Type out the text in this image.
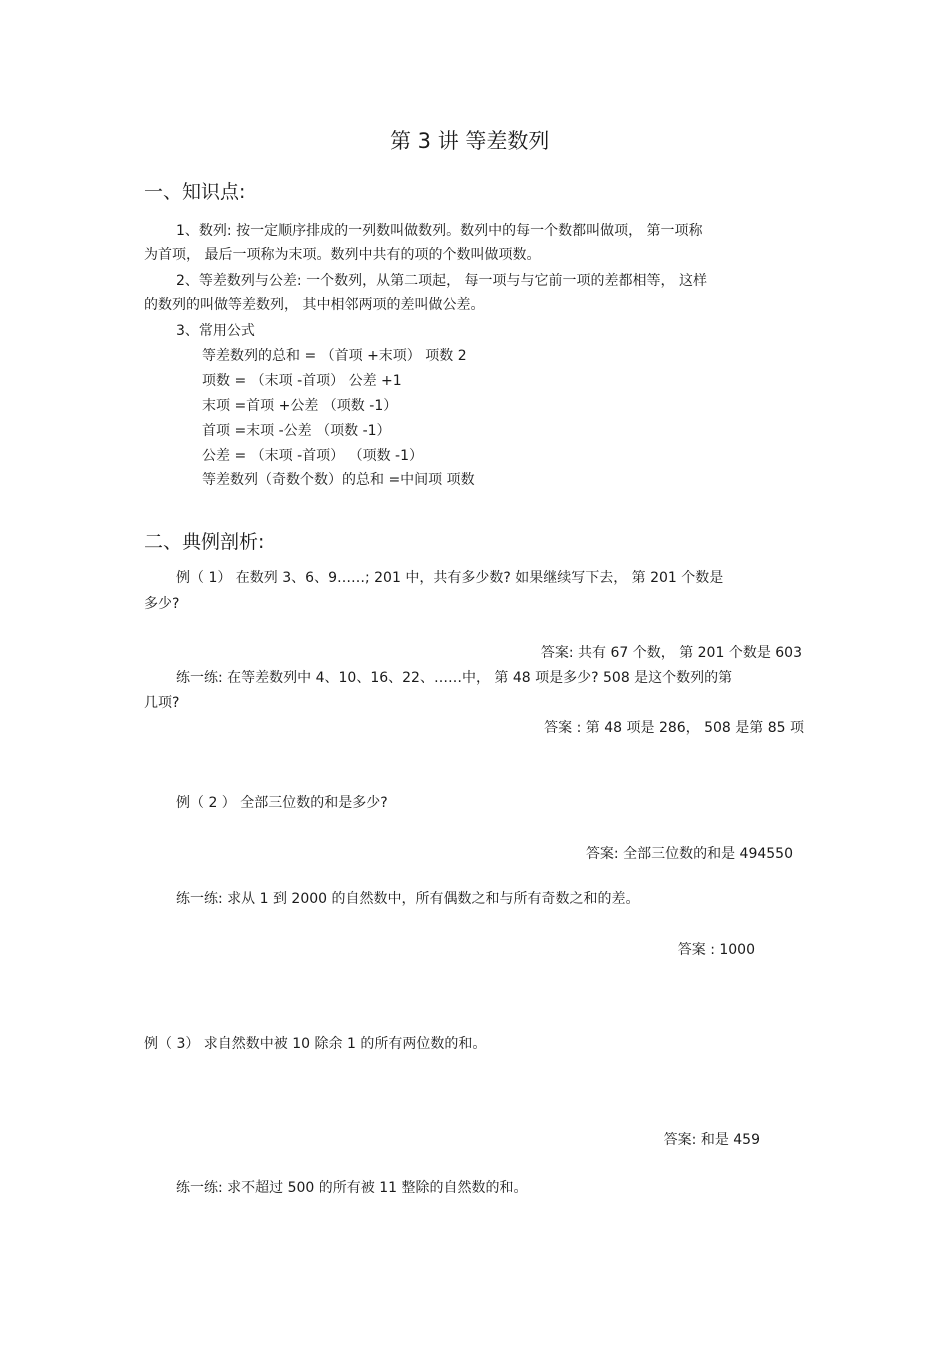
第 3 讲 等差数列
一、知识点:
1、数列: 按一定顺序排成的一列数叫做数列。数列中的每一个数都叫做项， 第一项称
为首项， 最后一项称为末项。数列中共有的项的个数叫做项数。
2、等差数列与公差: 一个数列，从第二项起， 每一项与与它前一项的差都相等， 这样
的数列的叫做等差数列， 其中相邻两项的差叫做公差。
3、常用公式
等差数列的总和 = （首项 +末项） 项数 2
项数 = （末项 -首项） 公差 +1
末项 =首项 +公差 （项数 -1）
首项 =末项 -公差 （项数 -1）
公差 = （末项 -首项） （项数 -1）
等差数列（奇数个数）的总和 =中间项 项数
二、典例剖析:
例（ 1） 在数列 3、6、9……; 201 中，共有多少数? 如果继续写下去， 第 201 个数是
多少?
答案: 共有 67 个数， 第 201 个数是 603
练一练: 在等差数列中 4、10、16、22、……中， 第 48 项是多少? 508 是这个数列的第
几项?
答案 : 第 48 项是 286， 508 是第 85 项
例（ 2 ） 全部三位数的和是多少?
答案: 全部三位数的和是 494550
练一练: 求从 1 到 2000 的自然数中，所有偶数之和与所有奇数之和的差。
答案 : 1000
例（ 3） 求自然数中被 10 除余 1 的所有两位数的和。
答案: 和是 459
练一练: 求不超过 500 的所有被 11 整除的自然数的和。
